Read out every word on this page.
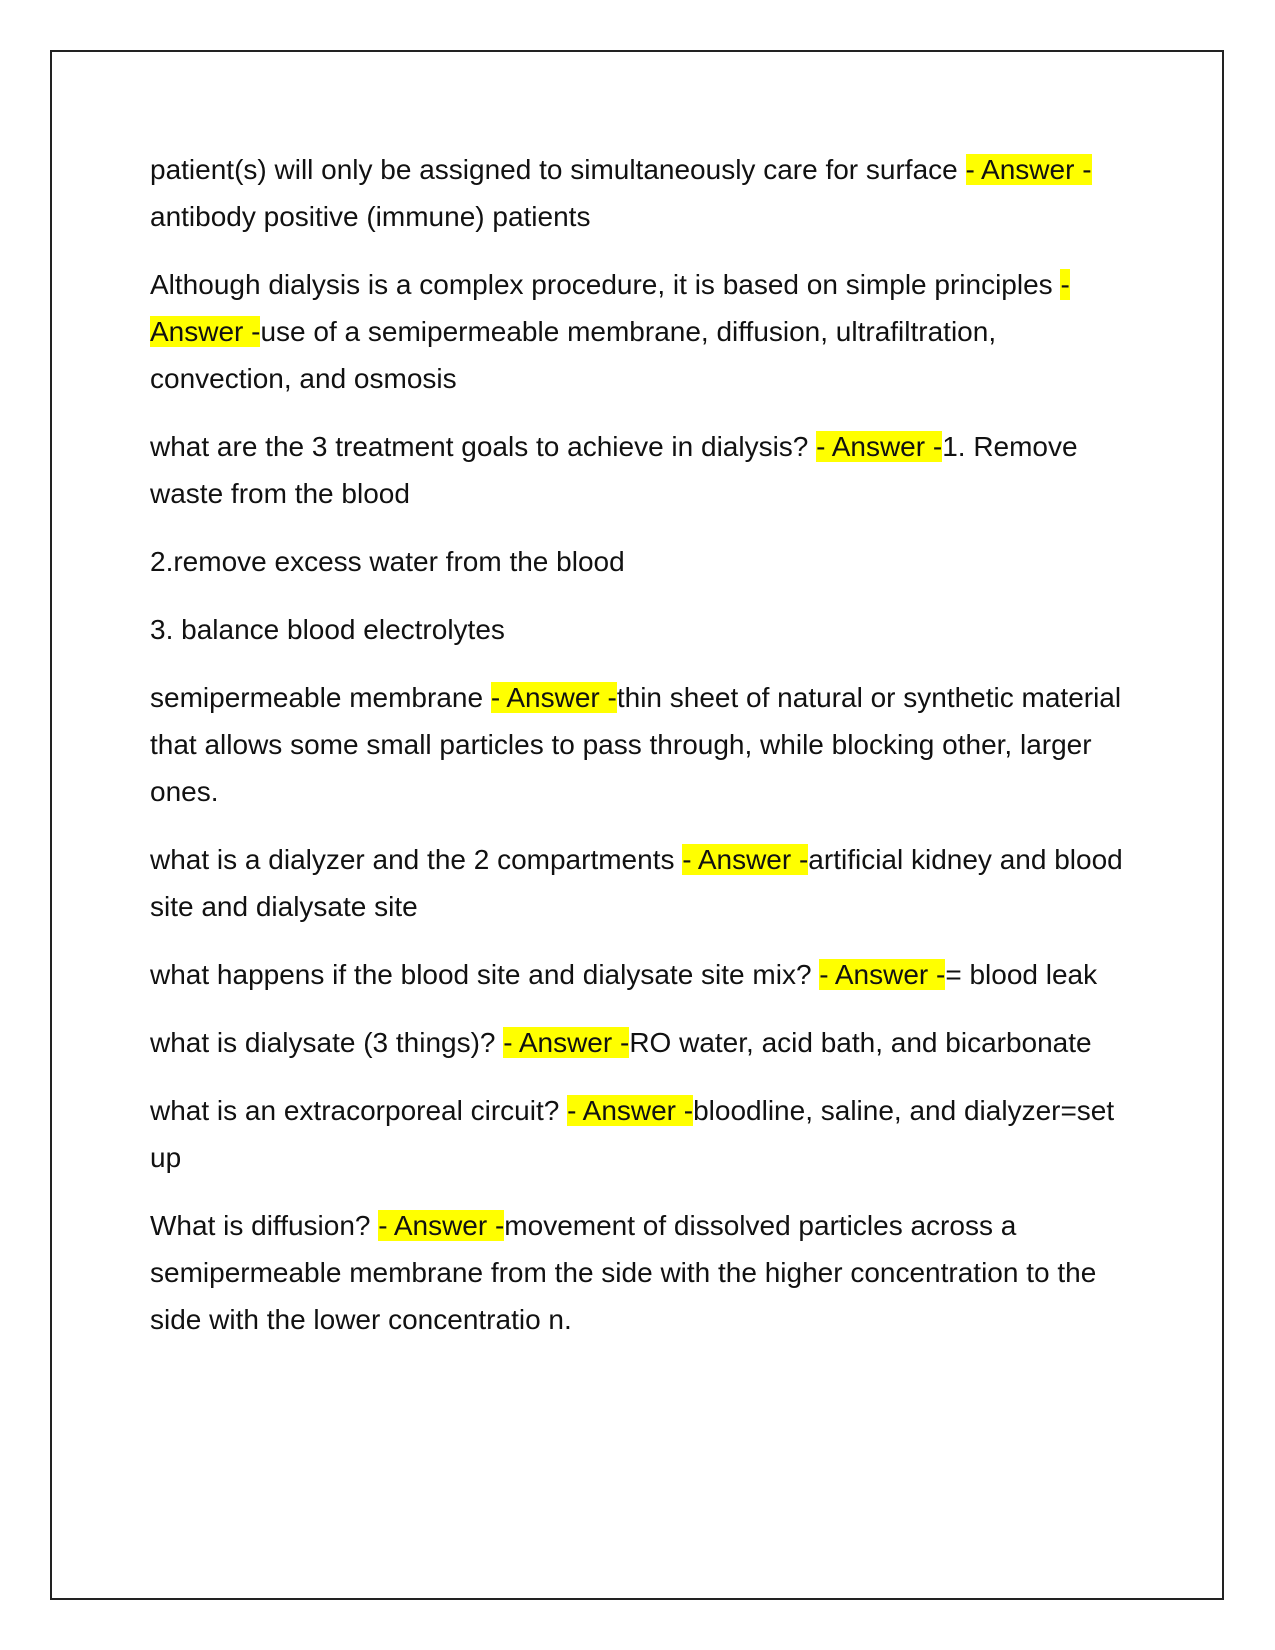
patient(s) will only be assigned to simultaneously care for surface - Answer -antibody positive (immune) patients

Although dialysis is a complex procedure, it is based on simple principles - Answer -use of a semipermeable membrane, diffusion, ultrafiltration, convection, and osmosis

what are the 3 treatment goals to achieve in dialysis? - Answer -1. Remove waste from the blood

2.remove excess water from the blood

3. balance blood electrolytes

semipermeable membrane - Answer -thin sheet of natural or synthetic material that allows some small particles to pass through, while blocking other, larger ones.

what is a dialyzer and the 2 compartments - Answer -artificial kidney and blood site and dialysate site

what happens if the blood site and dialysate site mix? - Answer -= blood leak

what is dialysate (3 things)? - Answer -RO water, acid bath, and bicarbonate

what is an extracorporeal circuit? - Answer -bloodline, saline, and dialyzer=set up

What is diffusion? - Answer -movement of dissolved particles across a semipermeable membrane from the side with the higher concentration to the side with the lower concentratio n.
